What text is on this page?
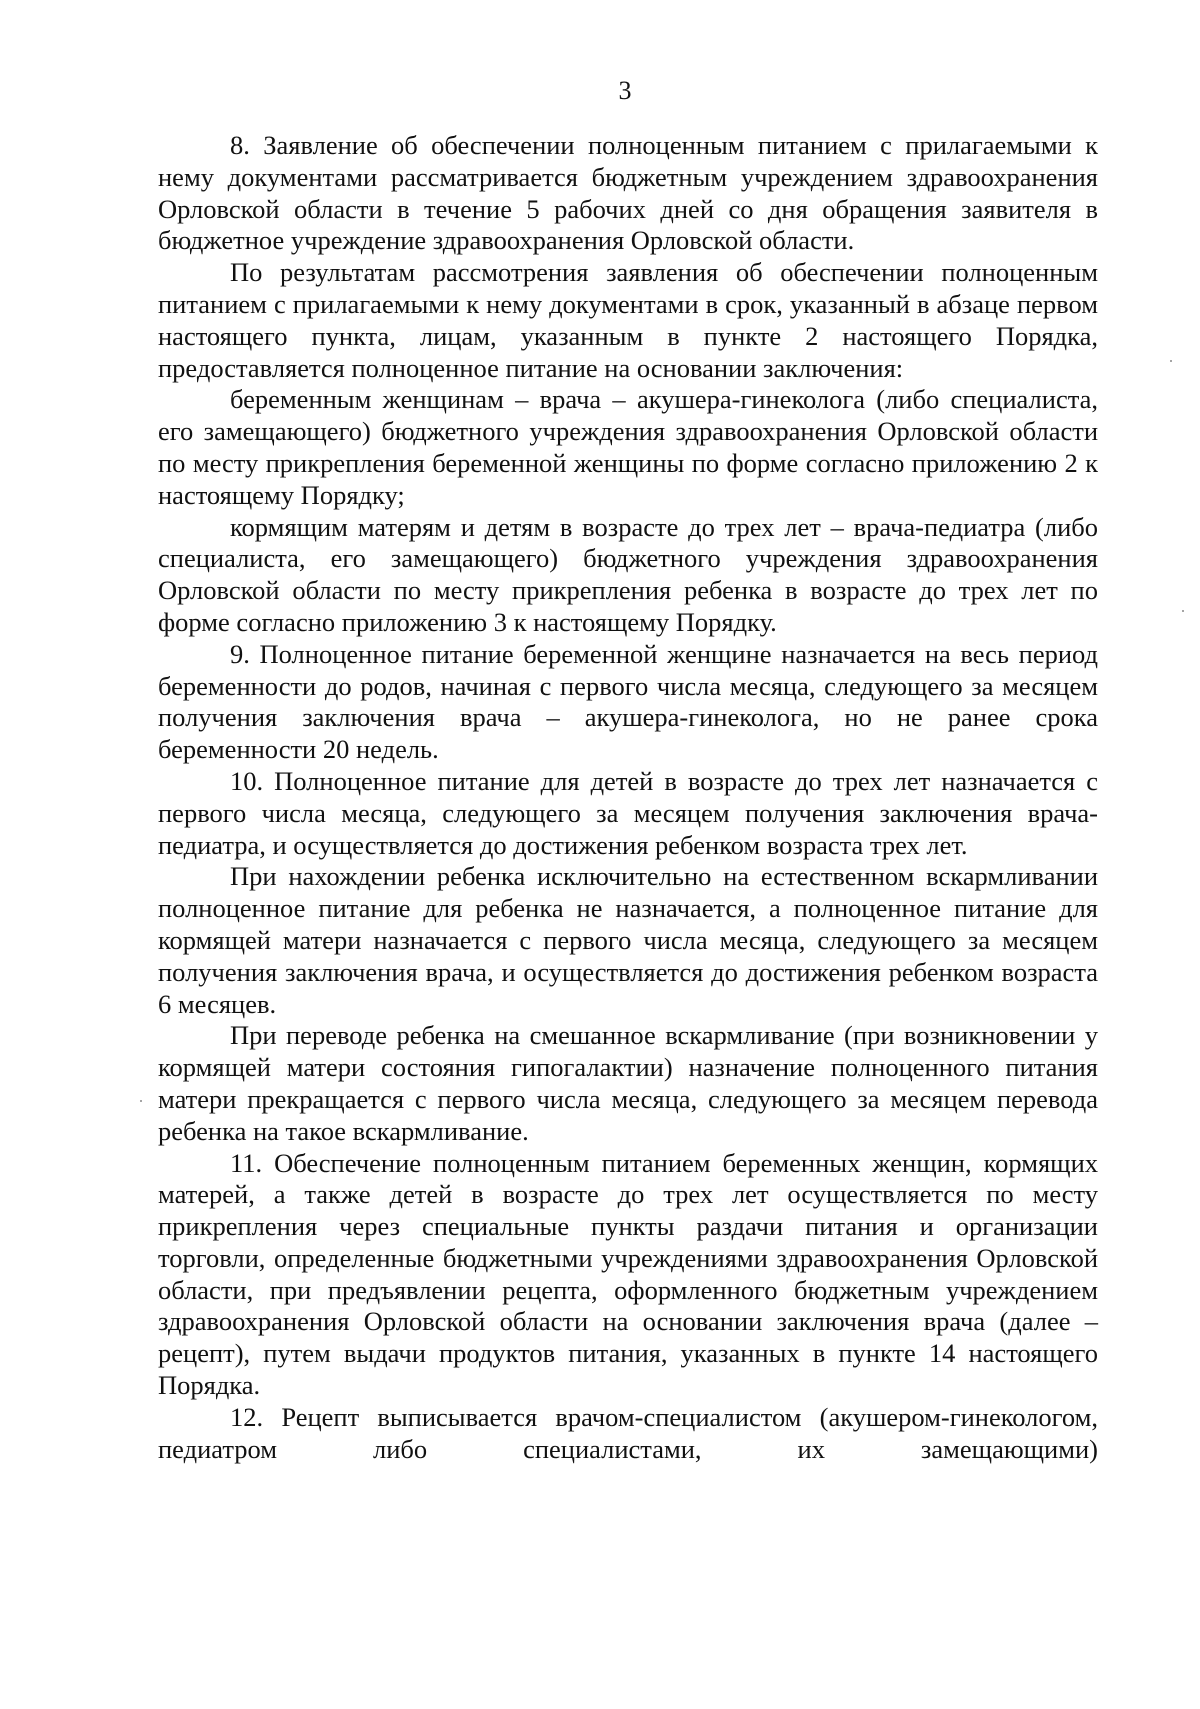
3

8. Заявление об обеспечении полноценным питанием с прилагаемыми к нему документами рассматривается бюджетным учреждением здравоохранения Орловской области в течение 5 рабочих дней со дня обращения заявителя в бюджетное учреждение здравоохранения Орловской области.

По результатам рассмотрения заявления об обеспечении полноценным питанием с прилагаемыми к нему документами в срок, указанный в абзаце первом настоящего пункта, лицам, указанным в пункте 2 настоящего Порядка, предоставляется полноценное питание на основании заключения:

беременным женщинам – врача – акушера-гинеколога (либо специалиста, его замещающего) бюджетного учреждения здравоохранения Орловской области по месту прикрепления беременной женщины по форме согласно приложению 2 к настоящему Порядку;

кормящим матерям и детям в возрасте до трех лет – врача-педиатра (либо специалиста, его замещающего) бюджетного учреждения здравоохранения Орловской области по месту прикрепления ребенка в возрасте до трех лет по форме согласно приложению 3 к настоящему Порядку.

9. Полноценное питание беременной женщине назначается на весь период беременности до родов, начиная с первого числа месяца, следующего за месяцем получения заключения врача – акушера-гинеколога, но не ранее срока беременности 20 недель.

10. Полноценное питание для детей в возрасте до трех лет назначается с первого числа месяца, следующего за месяцем получения заключения врача-педиатра, и осуществляется до достижения ребенком возраста трех лет.

При нахождении ребенка исключительно на естественном вскармливании полноценное питание для ребенка не назначается, а полноценное питание для кормящей матери назначается с первого числа месяца, следующего за месяцем получения заключения врача, и осуществляется до достижения ребенком возраста 6 месяцев.

При переводе ребенка на смешанное вскармливание (при возникновении у кормящей матери состояния гипогалактии) назначение полноценного питания матери прекращается с первого числа месяца, следующего за месяцем перевода ребенка на такое вскармливание.

11. Обеспечение полноценным питанием беременных женщин, кормящих матерей, а также детей в возрасте до трех лет осуществляется по месту прикрепления через специальные пункты раздачи питания и организации торговли, определенные бюджетными учреждениями здравоохранения Орловской области, при предъявлении рецепта, оформленного бюджетным учреждением здравоохранения Орловской области на основании заключения врача (далее – рецепт), путем выдачи продуктов питания, указанных в пункте 14 настоящего Порядка.

12. Рецепт выписывается врачом-специалистом (акушером-гинекологом, педиатром либо специалистами, их замещающими)
